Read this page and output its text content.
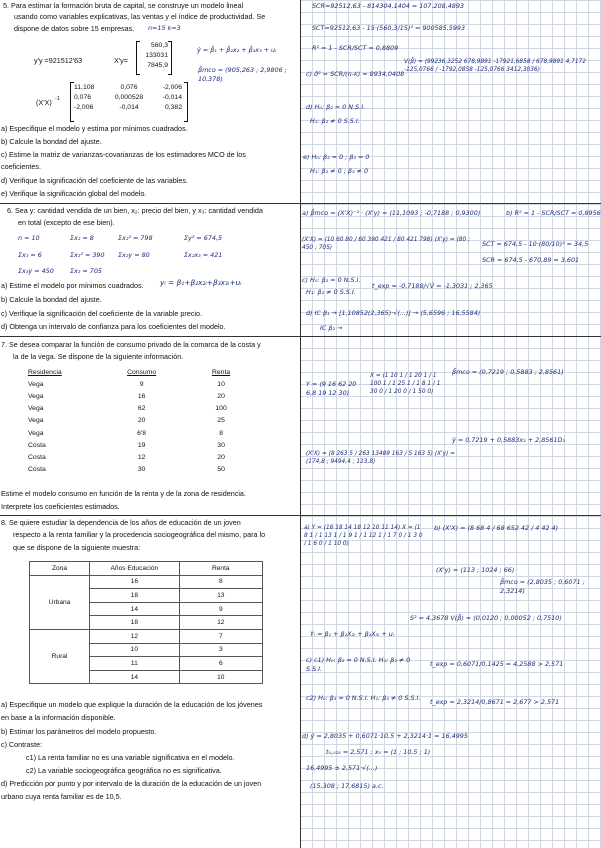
5. Para estimar la formación bruta de capital, se construye un modelo lineal
usando como variables explicativas, las ventas y el índice de productividad. Se
dispone de datos sobre 15 empresas. n=15 k=3
y'y =921512'63	X'y=
560,3
133031
7845,9
(X'X) -1
11,108	0,076	-2,006
0,076	0,000528	-0,014
-2,006	-0,014	0,382
a) Especifique el modelo y estima por mínimos cuadrados.
b) Calcule la bondad del ajuste.
c) Estime la matriz de varianzas-covarianzas de los estimadores MCO de los
coeficientes.
d) Verifique la significación del coeficiente de las variables.
e) Verifique la significación global del modelo.
6. Sea y: cantidad vendida de un bien, x₂: precio del bien, y x₃: cantidad vendida
en total (excepto de ese bien).
n = 10	Σx₂ = 8	Σx₂² = 798	Σy² = 674,5
Σx₃ = 6	Σx₃² = 390 Σx₂y = 80	Σx₂x₃ = 421
Σx₃y = 450	Σx₃ = 705
yᵢ = β₁+β₂x₂ᵢ+β₃x₃ᵢ+uᵢ
a) Estime el modelo por mínimos cuadrados.
b) Calcule la bondad del ajuste.
c) Verifique la significación del coeficiente de la variable precio.
d) Obtenga un intervalo de confianza para los coeficientes del modelo.
7. Se desea comparar la función de consumo privado de la comarca de la costa y
la de la vega. Se dispone de la siguiente información.
Residencia	Consumo	Renta
Vega	9	10
Vega	16	20
Vega	62	100
Vega	20	25
Vega	6'8	8
Costa	19	30
Costa	12	20
Costa	30	50
Estime el modelo consumo en función de la renta y de la zona de residencia.
Interprete los coeficientes estimados.
8. Se quiere estudiar la dependencia de los años de educación de un joven
respecto a la renta familiar y la procedencia sociogeográfica del mismo, para lo
que se dispone de la siguiente muestra:
Zona	Años Educación	Renta
Urbana	16	8
	18	13
	14	9
	18	12
Rural	12	7
	10	3
	11	6
	14	10
a) Especifique un modelo que explique la duración de la educación de los jóvenes
en base a la información disponible.
b) Estimar los parámetros del modelo propuesto.
c) Contraste:
c1) La renta familiar no es una variable significativa en el modelo.
c2) La variable sociogeográfica geográfica no es significativa.
d) Predicción por punto y por intervalo de la duración de la educación de un joven
urbano cuya renta familiar es de 10,5.
SCR=92512,63 - 814304,1404 = 107.208,4893
SCT=92512,63 - 15·(560,3/15)² = 900585,5993
R² = 1 - SCR/SCT = 0,8809
ŷ = β̂₁ + β̂₂x₂ + β̂₃x₃ + uᵢ
β̂mco = (905,263 ; 2,9806 ; 10,378)
c) σ̂² = SCR/(n-k) = 8934,0408
V(β̂) = (99236,3252 678,9891 -17921,6858 / 678,9891 4,7172 -125,0766 / -1792,0858 -125,0766 3412,3036)
d) H₀: β₂ = 0 N.S.I.
H₁: β₂ ≠ 0 S.S.I.
e) H₀: β₂ = 0 ; β₃ = 0
H₁: β₂ ≠ 0 ; β₃ ≠ 0
a) β̂mco = (X'X)⁻¹ · (X'y) = (11,1093 ; -0,7188 ; 0,9300)	b) R² = 1 - SCR/SCT = 0,8956
(X'X) = (10 60 80 / 60 390 421 / 80 421 798) (X'y) = (80 ; 450 ; 705)	SCT = 674,5 - 10·(80/10)² = 34,5
SCR = 674,5 - 670,89 = 3,601
c) H₀: β₂ = 0 N.S.I.
H₁: β₂ ≠ 0 S.S.I.
t_exp = -0,7188/√V̂ = -1,3031 ; 2,365
d) IC β₁ → [1,10852(2,365)·√(...)] → (5,6596 ; 16,5584)
IC β₂ →
Y = (9 16 62 20 6,8 19 12 30)
X = (1 10 1 / 1 20 1 / 1 100 1 / 1 25 1 / 1 8 1 / 1 30 0 / 1 20 0 / 1 50 0)
β̂mco = (0,7219 ; 0,5883 ; 2,8561)
ŷ = 0,7219 + 0,5883x₂ + 2,8561D₃
(X'X) = (8 263 5 / 263 13489 163 / 5 163 5) (X'y) = (174,8 ; 9494,4 ; 113,8)
a) Y = (16 18 14 18 12 10 11 14) X = (1 8 1 / 1 13 1 / 1 9 1 / 1 12 1 / 1 7 0 / 1 3 0 / 1 6 0 / 1 10 0)
b) (X'X) = (8 68 4 / 68 652 42 / 4 42 4)
(X'y) = (113 ; 1024 ; 66)
β̂mco = (2,8035 ; 0,6071 ; 2,3214)
Yᵢ = β₁ + β₂X₂ᵢ + β₃X₃ᵢ + uᵢ
S² = 4,3678 V(β̂) = (0,0120 ; 0,00052 ; 0,7510)
c) c1) H₀: β₂ = 0 N.S.I. H₁: β₂ ≠ 0 S.S.I.
t_exp = 0,6071/0,1425 = 4,2588 > 2,571
c2) H₀: β₃ = 0 N.S.I. H₁: β₃ ≠ 0 S.S.I.	t_exp = 2,3214/0,8671 = 2,677 > 2,571
d) ŷ = 2,8035 + 0,6071·10,5 + 2,3214·1 = 16,4995
t₀,₀₂₅ = 2,571 ; x₀ = (1 ; 10,5 ; 1)
16,4995 ± 2,571·√(...)
(15,308 ; 17,6815) a.c.
